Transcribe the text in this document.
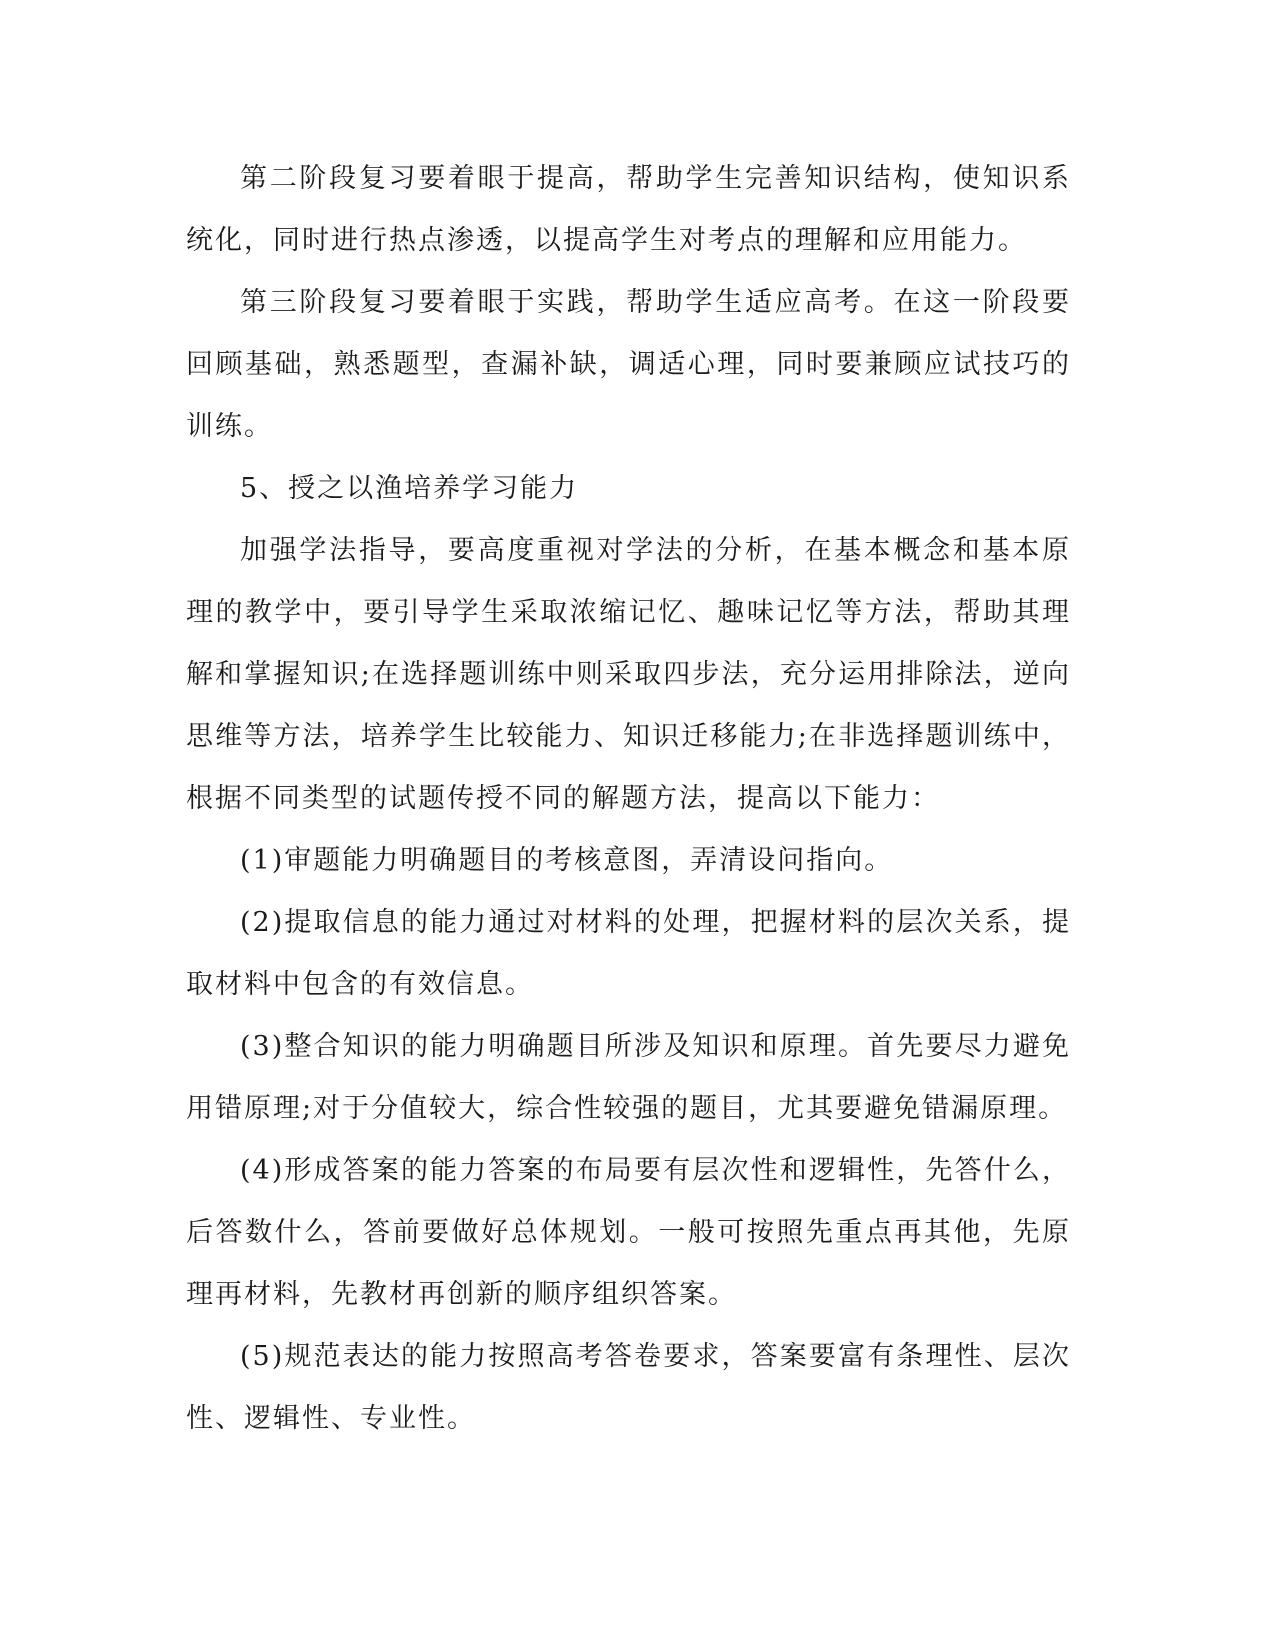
第二阶段复习要着眼于提高，帮助学生完善知识结构，使知识系统化，同时进行热点渗透，以提高学生对考点的理解和应用能力。

第三阶段复习要着眼于实践，帮助学生适应高考。在这一阶段要回顾基础，熟悉题型，查漏补缺，调适心理，同时要兼顾应试技巧的训练。

5、授之以渔培养学习能力

加强学法指导，要高度重视对学法的分析，在基本概念和基本原理的教学中，要引导学生采取浓缩记忆、趣味记忆等方法，帮助其理解和掌握知识;在选择题训练中则采取四步法，充分运用排除法，逆向思维等方法，培养学生比较能力、知识迁移能力;在非选择题训练中，根据不同类型的试题传授不同的解题方法，提高以下能力：

(1)审题能力明确题目的考核意图，弄清设问指向。

(2)提取信息的能力通过对材料的处理，把握材料的层次关系，提取材料中包含的有效信息。

(3)整合知识的能力明确题目所涉及知识和原理。首先要尽力避免用错原理;对于分值较大，综合性较强的题目，尤其要避免错漏原理。

(4)形成答案的能力答案的布局要有层次性和逻辑性，先答什么，后答数什么，答前要做好总体规划。一般可按照先重点再其他，先原理再材料，先教材再创新的顺序组织答案。

(5)规范表达的能力按照高考答卷要求，答案要富有条理性、层次性、逻辑性、专业性。
